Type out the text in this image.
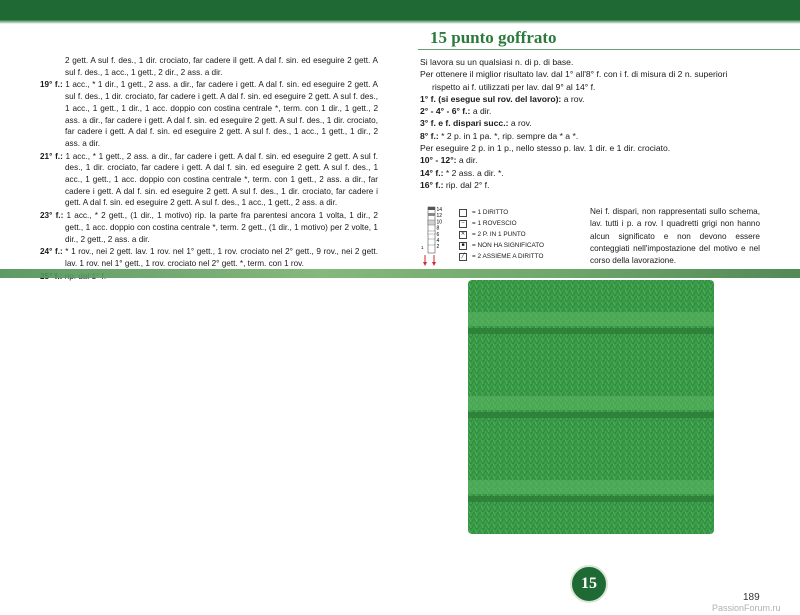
15 punto goffrato

2 gett. A sul f. des., 1 dir. crociato, far cadere il gett. A dal f. sin. ed eseguire 2 gett. A sul f. des., 1 acc., 1 gett., 2 dir., 2 ass. a dir.

19° f.: 1 acc., * 1 dir., 1 gett., 2 ass. a dir., far cadere i gett. A dal f. sin. ed eseguire 2 gett. A sul f. des., 1 dir. crociato, far cadere i gett. A dal f. sin. ed eseguire 2 gett. A sul f. des., 1 acc., 1 gett., 1 dir., 1 acc. doppio con costina centrale *, term. con 1 dir., 1 gett., 2 ass. a dir., far cadere i gett. A dal f. sin. ed eseguire 2 gett. A sul f. des., 1 dir. crociato, far cadere i gett. A dal f. sin. ed eseguire 2 gett. A sul f. des., 1 acc., 1 gett., 1 dir., 2 ass. a dir.

21° f.: 1 acc., * 1 gett., 2 ass. a dir., far cadere i gett. A dal f. sin. ed eseguire 2 gett. A sul f. des., 1 dir. crociato, far cadere i gett. A dal f. sin. ed eseguire 2 gett. A sul f. des., 1 acc., 1 gett., 1 acc. doppio con costina centrale *, term. con 1 gett., 2 ass. a dir., far cadere i gett. A dal f. sin. ed eseguire 2 gett. A sul f. des., 1 dir. crociato, far cadere i gett. A dal f. sin. ed eseguire 2 gett. A sul f. des., 1 acc., 1 gett., 2 ass. a dir.

23° f.: 1 acc., * 2 gett., (1 dir., 1 motivo) rip. la parte fra parentesi ancora 1 volta, 1 dir., 2 gett., 1 acc. doppio con costina centrale *, term. 2 gett., (1 dir., 1 motivo) per 2 volte, 1 dir., 2 gett., 2 ass. a dir.

24° f.: * 1 rov., nei 2 gett. lav. 1 rov. nel 1° gett., 1 rov. crociato nel 2° gett., 9 rov., nei 2 gett. lav. 1 rov. nel 1° gett., 1 rov. crociato nel 2° gett. *, term. con 1 rov.

Si lavora su un qualsiasi n. di p. di base.

Per ottenere il miglior risultato lav. dal 1° all'8° f. con i f. di misura di 2 n. superiori

rispetto ai f. utilizzati per lav. dal 9° al 14° f.

1° f. (si esegue sul rov. del lavoro): a rov.

2° - 4° - 6° f.: a dir.

3° f. e f. dispari succ.: a rov.

8° f.: * 2 p. in 1 pa. *, rip. sempre da * a *.

Per eseguire 2 p. in 1 p., nello stesso p. lav. 1 dir. e 1 dir. crociato.

10° - 12°: a dir.

14° f.: * 2 ass. a dir. *.

16° f.: rip. dal 2° f.

14
12
10
8
6
4
2
1
= 1 DIRITTO
–	= 1 ROVESCIO
✕ = 2 P. IN 1 PUNTO
■	= NON HA SIGNIFICATO
╱	= 2 ASSIEME A DIRITTO
Nei f. dispari, non rappresentati sullo schema, lav. tutti i p. a rov. I quadretti grigi non hanno alcun significato e non devono essere conteggiati nell'impostazione del motivo e nel corso della lavorazione.
15
189
PassionForum.ru
